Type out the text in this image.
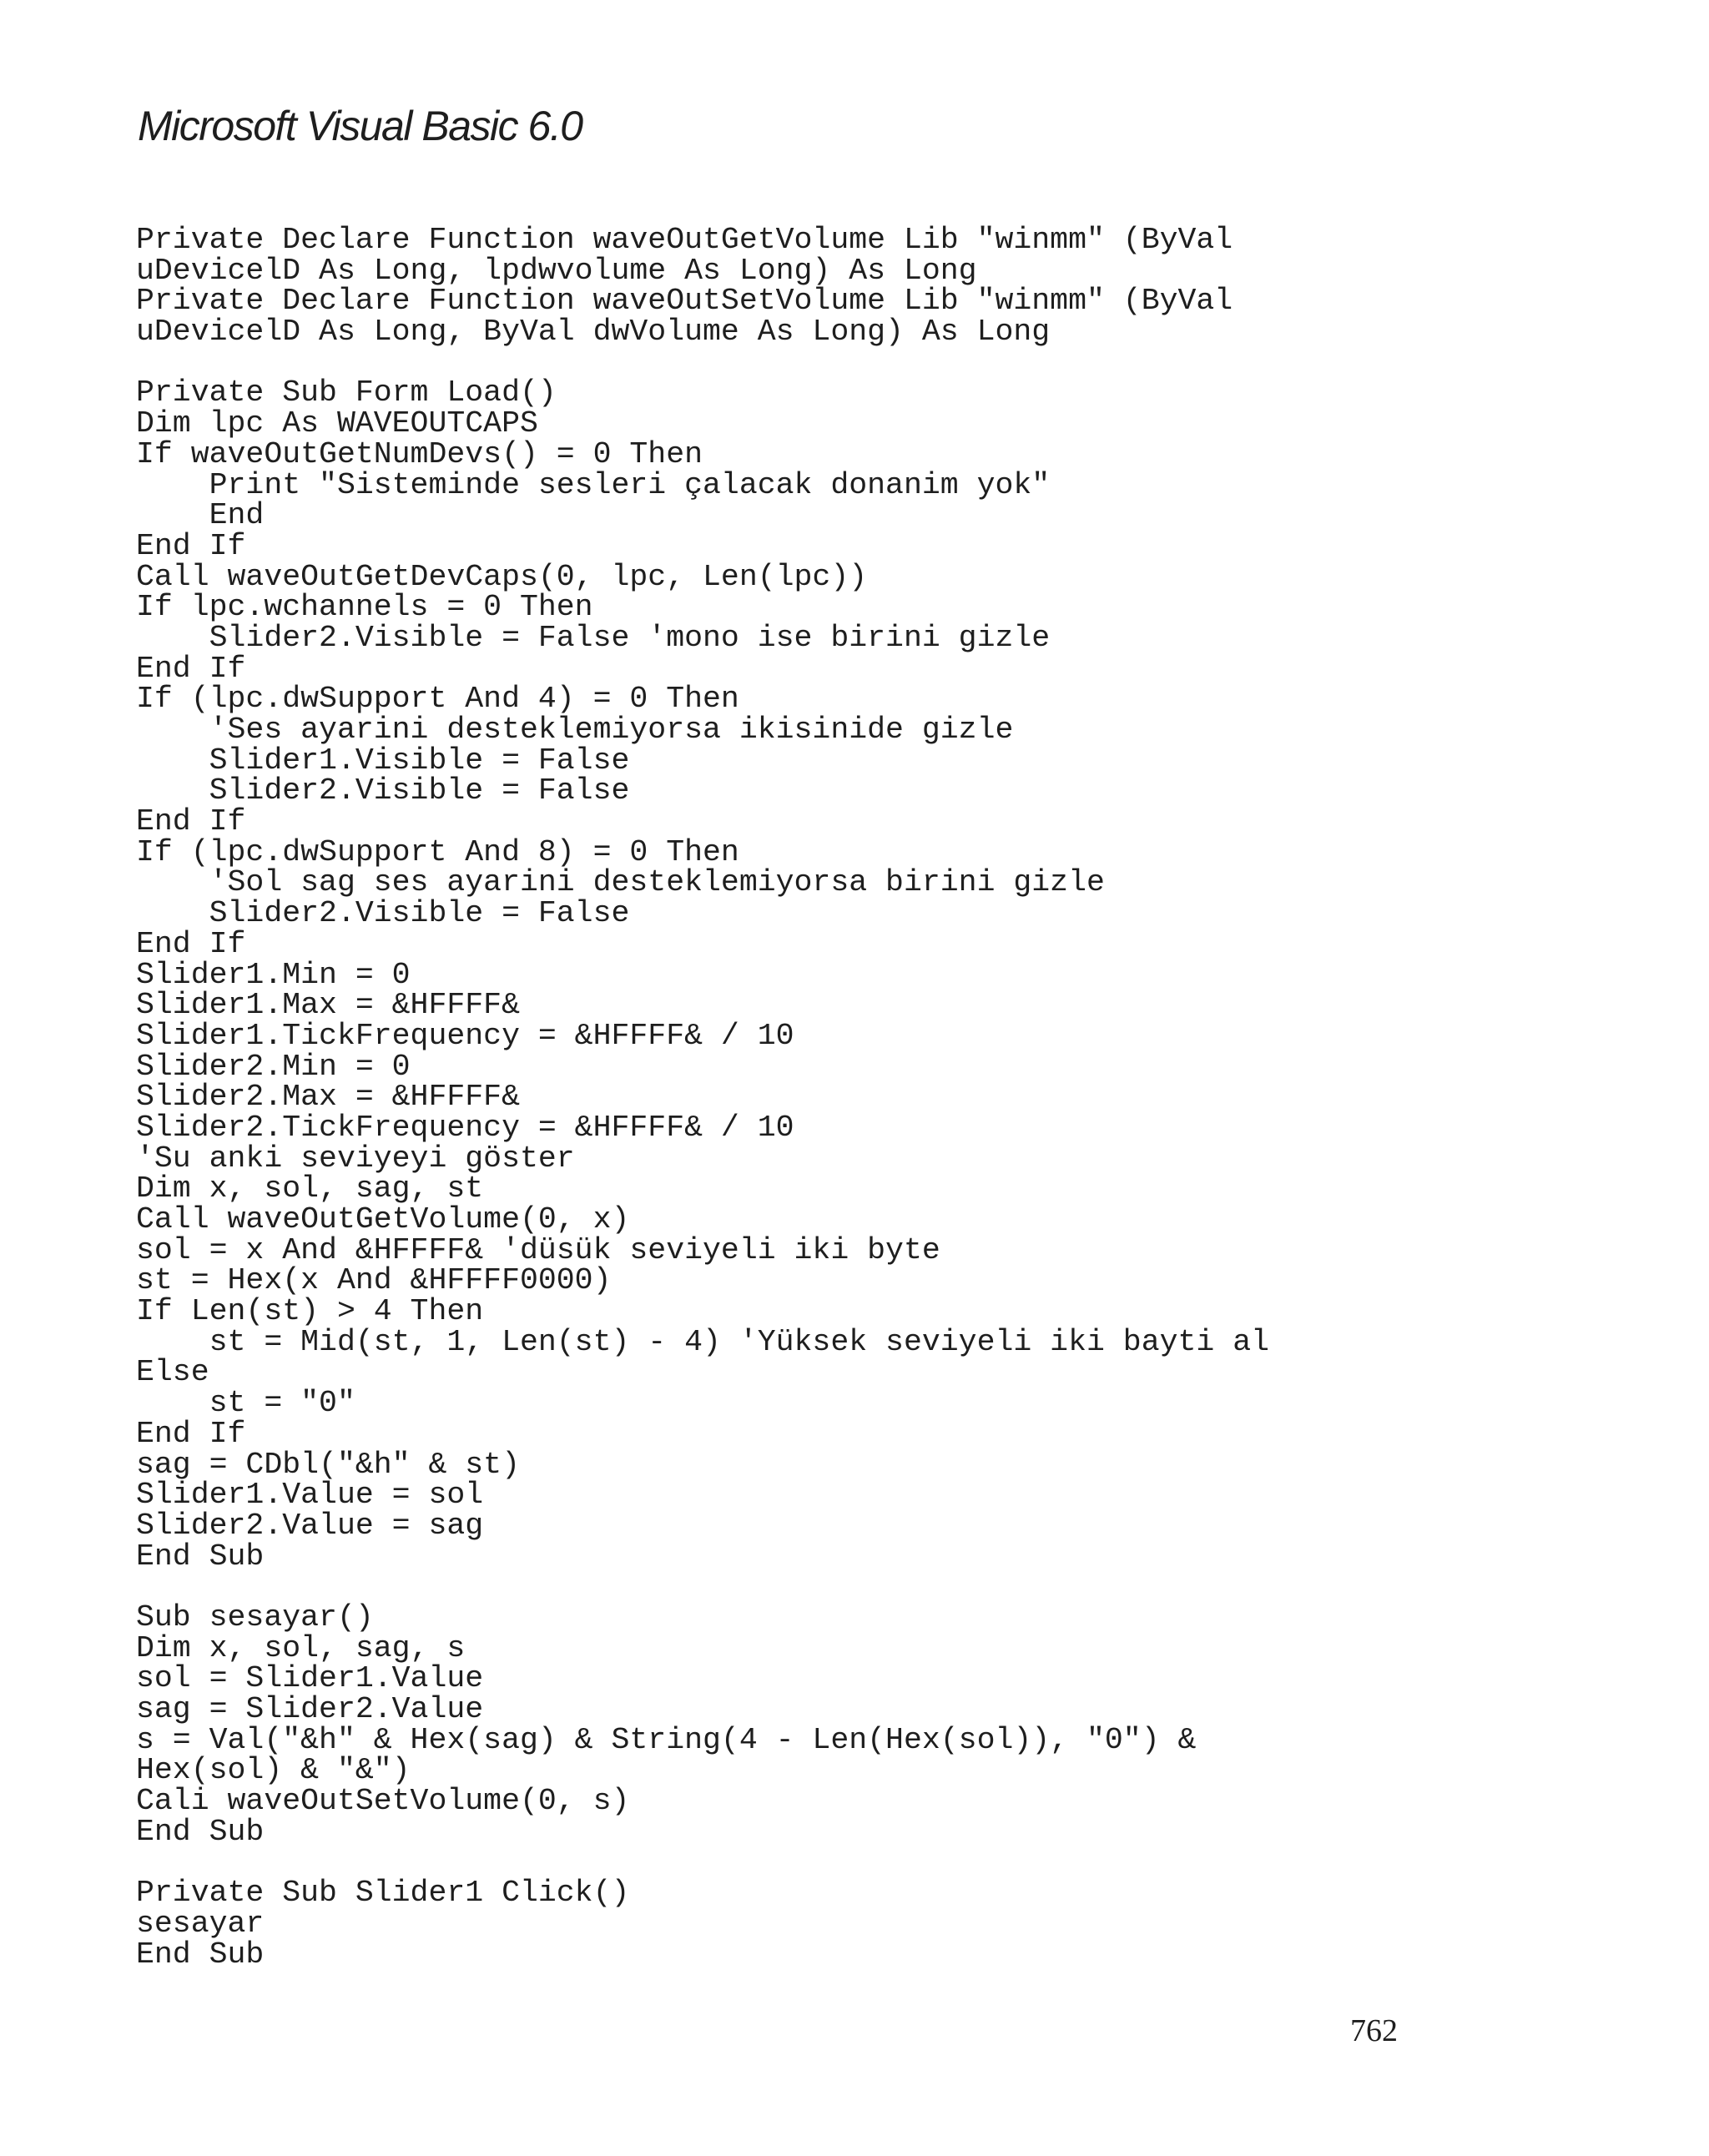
Microsoft Visual Basic 6.0
Private Declare Function waveOutGetVolume Lib "winmm" (ByVal
uDevicelD As Long, lpdwvolume As Long) As Long
Private Declare Function waveOutSetVolume Lib "winmm" (ByVal
uDevicelD As Long, ByVal dwVolume As Long) As Long
Private Sub Form Load()
Dim lpc As WAVEOUTCAPS
If waveOutGetNumDevs() = 0 Then
Print "Sisteminde sesleri çalacak donanim yok"
End
End If
Call waveOutGetDevCaps(0, lpc, Len(lpc))
If lpc.wchannels = 0 Then
Slider2.Visible = False 'mono ise birini gizle
End If
If (lpc.dwSupport And 4) = 0 Then
'Ses ayarini desteklemiyorsa ikisinide gizle
Slider1.Visible = False
Slider2.Visible = False
End If
If (lpc.dwSupport And 8) = 0 Then
'Sol sag ses ayarini desteklemiyorsa birini gizle
Slider2.Visible = False
End If
Slider1.Min = 0
Slider1.Max = &HFFFF&
Slider1.TickFrequency = &HFFFF& / 10
Slider2.Min = 0
Slider2.Max = &HFFFF&
Slider2.TickFrequency = &HFFFF& / 10
'Su anki seviyeyi göster
Dim x, sol, sag, st
Call waveOutGetVolume(0, x)
sol = x And &HFFFF& 'düsük seviyeli iki byte
st = Hex(x And &HFFFF0000)
If Len(st) > 4 Then
st = Mid(st, 1, Len(st) - 4) 'Yüksek seviyeli iki bayti al
Else
st = "0"
End If
sag = CDbl("&h" & st)
Slider1.Value = sol
Slider2.Value = sag
End Sub
Sub sesayar()
Dim x, sol, sag, s
sol = Slider1.Value
sag = Slider2.Value
s = Val("&h" & Hex(sag) & String(4 - Len(Hex(sol)), "0") &
Hex(sol) & "&")
Cali waveOutSetVolume(0, s)
End Sub
Private Sub Slider1 Click()
sesayar
End Sub
762
